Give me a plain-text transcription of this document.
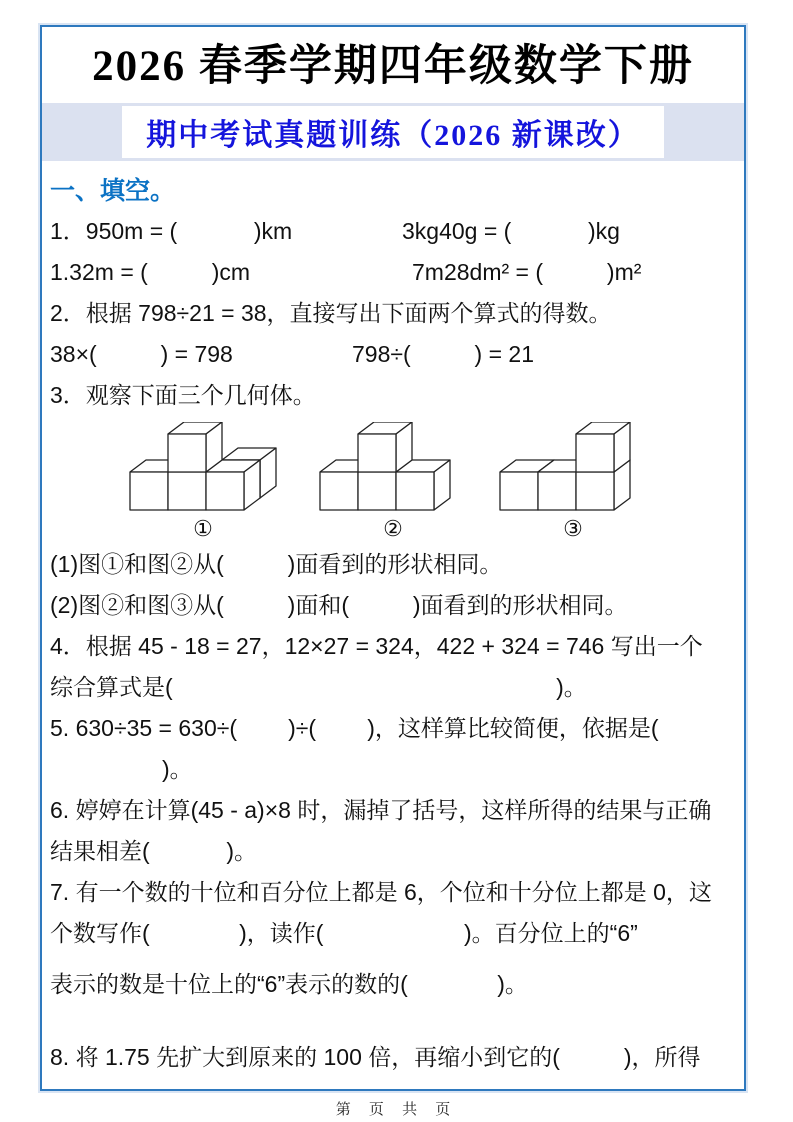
2026 春季学期四年级数学下册
期中考试真题训练（2026 新课改）
一、填空。
1．950m = (            )km	3kg40g = (            )kg
1.32m = (          )cm	7m28dm² = (          )m²
2．根据 798÷21 = 38，直接写出下面两个算式的得数。
38×(          ) = 798	798÷(          ) = 21
3．观察下面三个几何体。
①	②	③
(1)图①和图②从(          )面看到的形状相同。
(2)图②和图③从(          )面和(          )面看到的形状相同。
4．根据 45 - 18 = 27，12×27 = 324，422 + 324 = 746 写出一个
综合算式是(                                                            )。
5. 630÷35 = 630÷(        )÷(        )，这样算比较简便，依据是(
)。
6. 婷婷在计算(45 - a)×8 时，漏掉了括号，这样所得的结果与正确
结果相差(            )。
7. 有一个数的十位和百分位上都是 6，个位和十分位上都是 0，这
个数写作(              )，读作(                      )。百分位上的“6”
表示的数是十位上的“6”表示的数的(              )。
8. 将 1.75 先扩大到原来的 100 倍，再缩小到它的(          )，所得
第 页 共 页
